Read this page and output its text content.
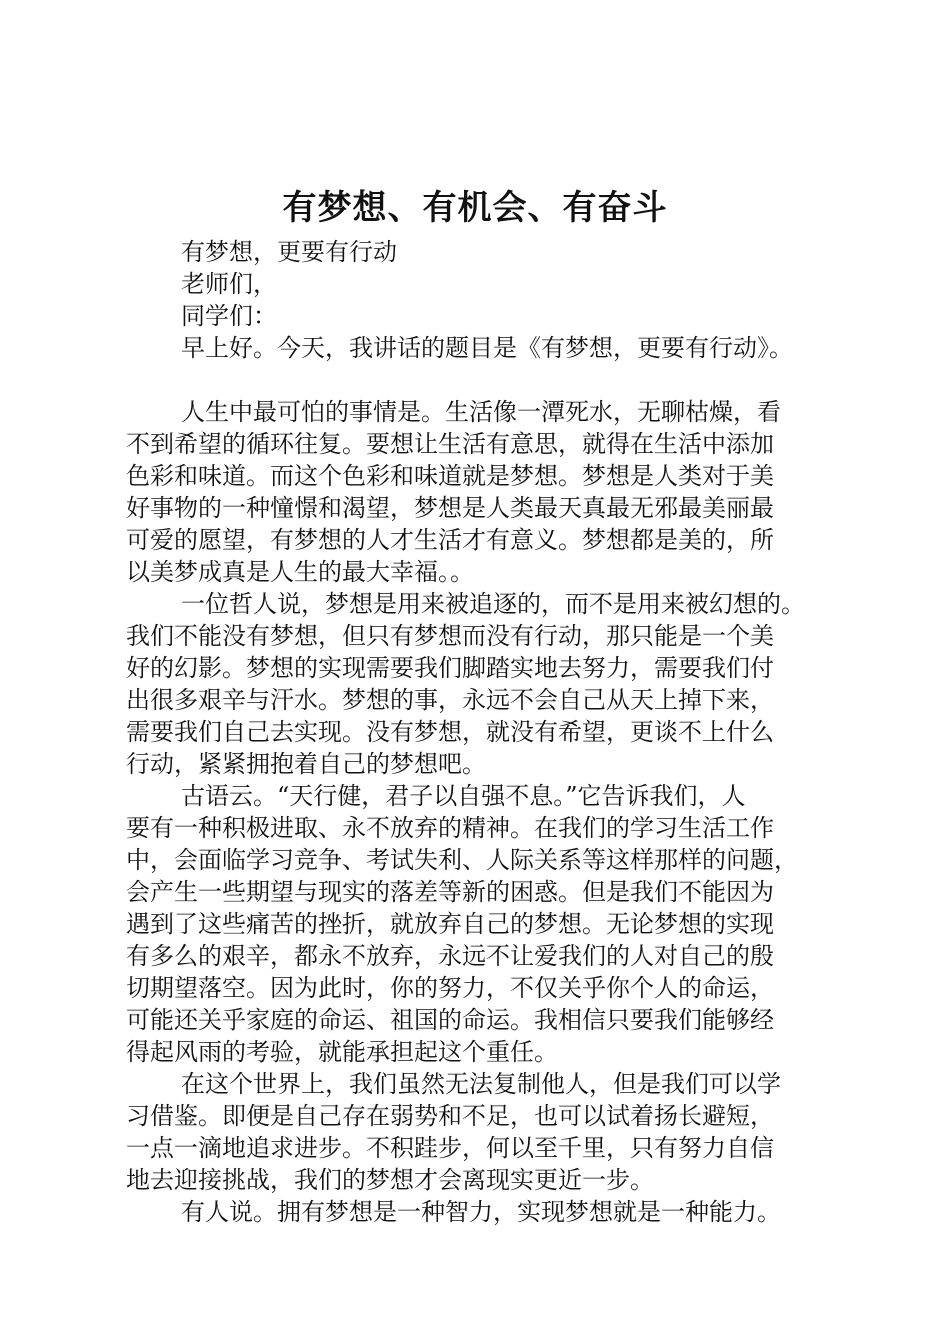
有梦想、有机会、有奋斗
有梦想，更要有行动
老师们，
同学们：
早上好。今天，我讲话的题目是《有梦想，更要有行动》。
人生中最可怕的事情是。生活像一潭死水，无聊枯燥，看
不到希望的循环往复。要想让生活有意思，就得在生活中添加
色彩和味道。而这个色彩和味道就是梦想。梦想是人类对于美
好事物的一种憧憬和渴望，梦想是人类最天真最无邪最美丽最
可爱的愿望，有梦想的人才生活才有意义。梦想都是美的，所
以美梦成真是人生的最大幸福。。
一位哲人说，梦想是用来被追逐的，而不是用来被幻想的。
我们不能没有梦想，但只有梦想而没有行动，那只能是一个美
好的幻影。梦想的实现需要我们脚踏实地去努力，需要我们付
出很多艰辛与汗水。梦想的事，永远不会自己从天上掉下来，
需要我们自己去实现。没有梦想，就没有希望，更谈不上什么
行动，紧紧拥抱着自己的梦想吧。
古语云。“天行健，君子以自强不息。”它告诉我们，人
要有一种积极进取、永不放弃的精神。在我们的学习生活工作
中，会面临学习竞争、考试失利、人际关系等这样那样的问题，
会产生一些期望与现实的落差等新的困惑。但是我们不能因为
遇到了这些痛苦的挫折，就放弃自己的梦想。无论梦想的实现
有多么的艰辛，都永不放弃，永远不让爱我们的人对自己的殷
切期望落空。因为此时，你的努力，不仅关乎你个人的命运，
可能还关乎家庭的命运、祖国的命运。我相信只要我们能够经
得起风雨的考验，就能承担起这个重任。
在这个世界上，我们虽然无法复制他人，但是我们可以学
习借鉴。即便是自己存在弱势和不足，也可以试着扬长避短，
一点一滴地追求进步。不积跬步，何以至千里，只有努力自信
地去迎接挑战，我们的梦想才会离现实更近一步。
有人说。拥有梦想是一种智力，实现梦想就是一种能力。
